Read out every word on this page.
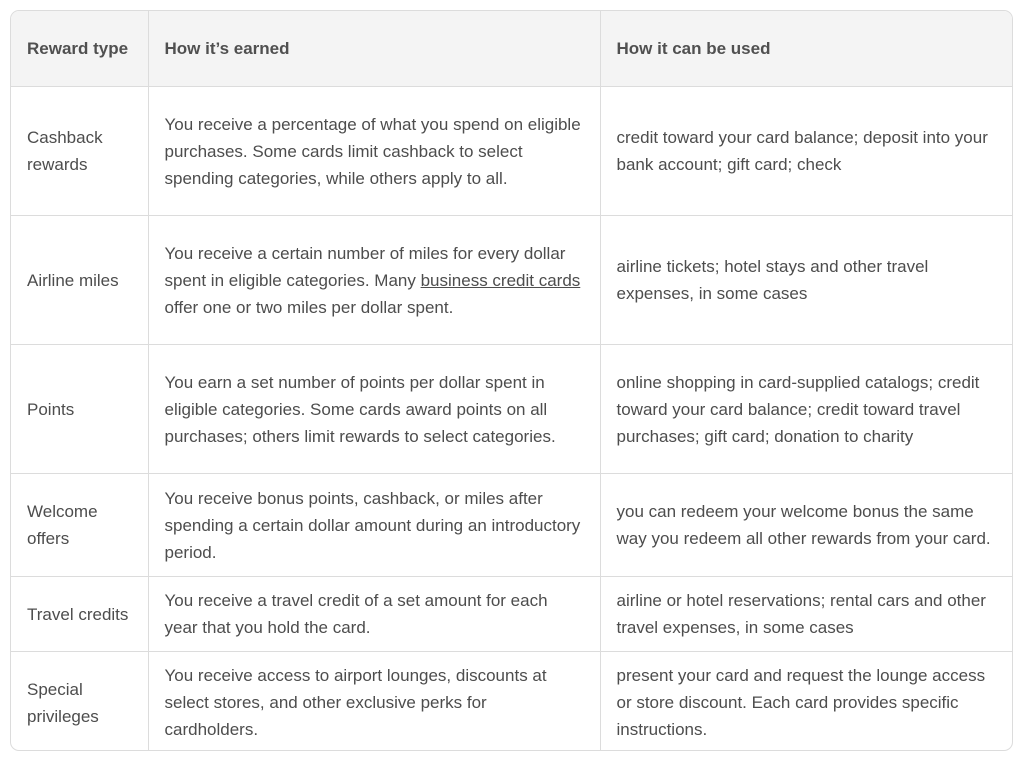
Reward type	How it’s earned	How it can be used
Cashback rewards	You receive a percentage of what you spend on eligible purchases. Some cards limit cashback to select spending categories, while others apply to all.	credit toward your card balance; deposit into your bank account; gift card; check
Airline miles	You receive a certain number of miles for every dollar spent in eligible categories. Many business credit cards offer one or two miles per dollar spent.	airline tickets; hotel stays and other travel expenses, in some cases
Points	You earn a set number of points per dollar spent in eligible categories. Some cards award points on all purchases; others limit rewards to select categories.	online shopping in card-supplied catalogs; credit toward your card balance; credit toward travel purchases; gift card; donation to charity
Welcome offers	You receive bonus points, cashback, or miles after spending a certain dollar amount during an introductory period.	you can redeem your welcome bonus the same way you redeem all other rewards from your card.
Travel credits	You receive a travel credit of a set amount for each year that you hold the card.	airline or hotel reservations; rental cars and other travel expenses, in some cases
Special privileges	You receive access to airport lounges, discounts at select stores, and other exclusive perks for cardholders.	present your card and request the lounge access or store discount. Each card provides specific instructions.
